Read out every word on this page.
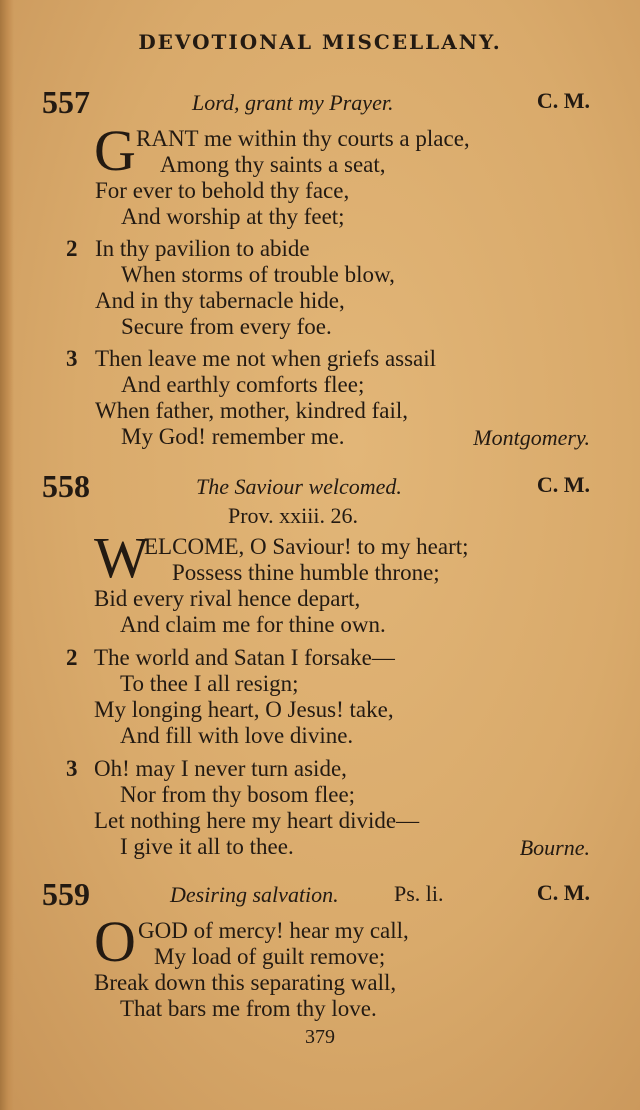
DEVOTIONAL MISCELLANY.
557	Lord, grant my Prayer.	C. M.
G RANT me within thy courts a place,
Among thy saints a seat,
For ever to behold thy face,
And worship at thy feet;
2 In thy pavilion to abide
When storms of trouble blow,
And in thy tabernacle hide,
Secure from every foe.
3 Then leave me not when griefs assail
And earthly comforts flee;
When father, mother, kindred fail,
My God! remember me.	Montgomery.
558	The Saviour welcomed.	C. M.
Prov. xxiii. 26.
W
ELCOME, O Saviour! to my heart;
Possess thine humble throne;
Bid every rival hence depart,
And claim me for thine own.
2 The world and Satan I forsake—
To thee I all resign;
My longing heart, O Jesus! take,
And fill with love divine.
3 Oh! may I never turn aside,
Nor from thy bosom flee;
Let nothing here my heart divide—
I give it all to thee.	Bourne.
559	Desiring salvation.	Ps. li.	C. M.
O GOD of mercy! hear my call,
My load of guilt remove;
Break down this separating wall,
That bars me from thy love.
379
